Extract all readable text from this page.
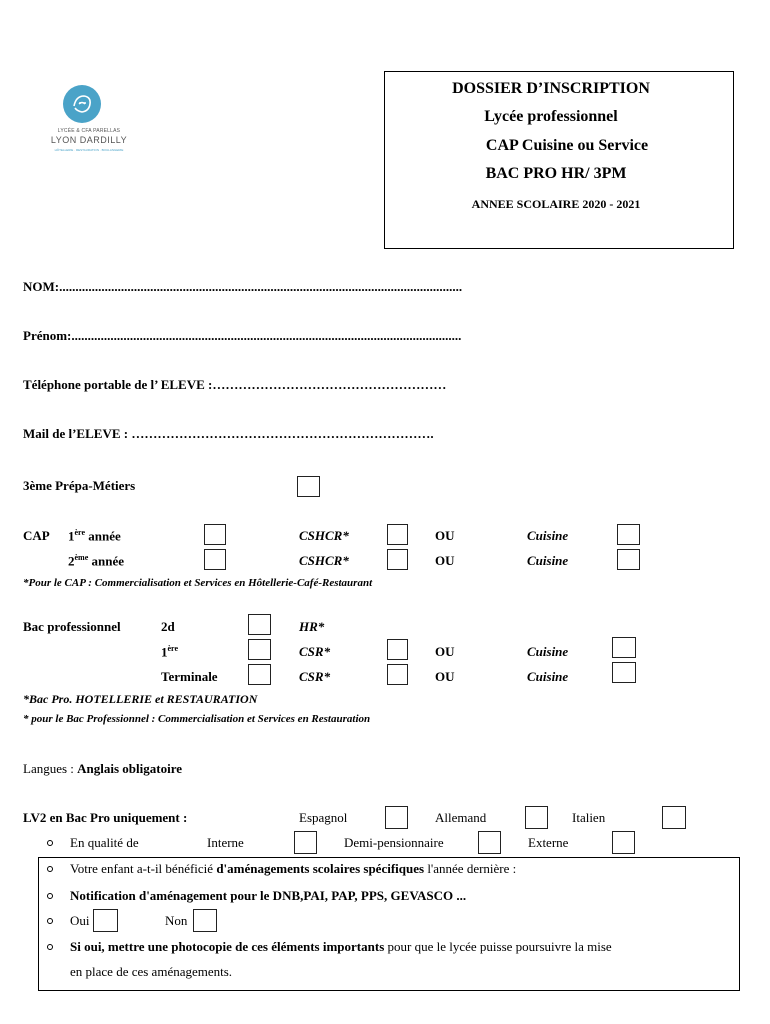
LYCÉE & CFA PARELLAS
LYON DARDILLY
HÔTELLERIE · RESTAURATION · BOULANGERIE
DOSSIER D’INSCRIPTION
Lycée professionnel
CAP Cuisine ou Service
BAC PRO HR/ 3PM
ANNEE SCOLAIRE 2020 - 2021
NOM:............................................................................................................................
Prénom:........................................................................................................................
Téléphone portable de l’ ELEVE :………………………………………………
Mail de l’ELEVE : …………………………………………………………….
3ème Prépa-Métiers
CAP 1ère année	CSHCR*	OU	Cuisine
2ème année	CSHCR*	OU	Cuisine
*Pour le CAP : Commercialisation et Services en Hôtellerie-Café-Restaurant
Bac professionnel	2d	HR*
1ère	CSR*	OU	Cuisine
Terminale	CSR*	OU	Cuisine
*Bac Pro. HOTELLERIE et RESTAURATION
* pour le Bac Professionnel : Commercialisation et Services en Restauration
Langues : Anglais obligatoire
LV2 en Bac Pro uniquement :	Espagnol	Allemand	Italien
En qualité de	Interne	Demi-pensionnaire	Externe
Votre enfant a-t-il bénéficié d'aménagements scolaires spécifiques l'année dernière :
Notification d'aménagement pour le DNB,PAI, PAP, PPS, GEVASCO ...
Oui	Non
Si oui, mettre une photocopie de ces éléments importants pour que le lycée puisse poursuivre la mise
en place de ces aménagements.
